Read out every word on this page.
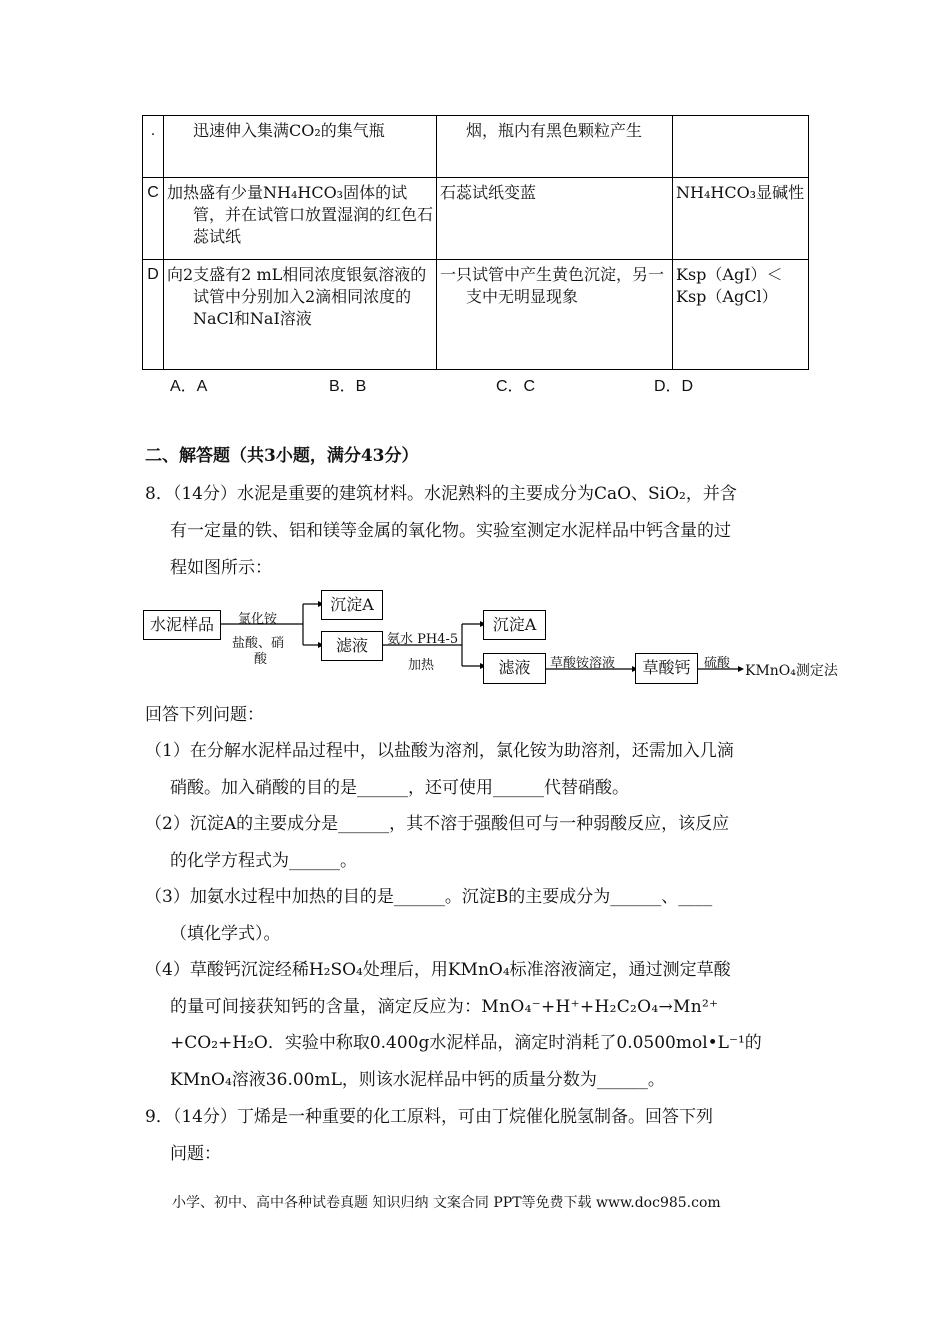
.	迅速伸入集满CO₂的集气瓶	烟，瓶内有黑色颗粒产生	
C	加热盛有少量NH₄HCO₃固体的试管，并在试管口放置湿润的红色石蕊试纸	石蕊试纸变蓝	NH₄HCO₃显碱性
D	向2支盛有2 mL相同浓度银氨溶液的试管中分别加入2滴相同浓度的NaCl和NaI溶液	一只试管中产生黄色沉淀，另一支中无明显现象	Ksp（AgI）＜Ksp（AgCl）
A．A	B．B	C．C	D．D
二、解答题（共3小题，满分43分）
8．（14分）水泥是重要的建筑材料。水泥熟料的主要成分为CaO、SiO₂，并含
有一定量的铁、铝和镁等金属的氧化物。实验室测定水泥样品中钙含量的过
程如图所示：
水泥样品	氯化铵
盐酸、硝
酸
沉淀A
滤液	氨水 PH4-5
加热
沉淀A
滤液	草酸铵溶液	草酸钙	硫酸 KMnO₄测定法
回答下列问题：
（1）在分解水泥样品过程中，以盐酸为溶剂，氯化铵为助溶剂，还需加入几滴
硝酸。加入硝酸的目的是______，还可使用______代替硝酸。
（2）沉淀A的主要成分是______，其不溶于强酸但可与一种弱酸反应，该反应
的化学方程式为______。
（3）加氨水过程中加热的目的是______。沉淀B的主要成分为______、____
（填化学式）。
（4）草酸钙沉淀经稀H₂SO₄处理后，用KMnO₄标准溶液滴定，通过测定草酸
的量可间接获知钙的含量，滴定反应为：MnO₄⁻+H⁺+H₂C₂O₄→Mn²⁺
+CO₂+H₂O．实验中称取0.400g水泥样品，滴定时消耗了0.0500mol•L⁻¹的
KMnO₄溶液36.00mL，则该水泥样品中钙的质量分数为______。
9．（14分）丁烯是一种重要的化工原料，可由丁烷催化脱氢制备。回答下列
问题：
小学、初中、高中各种试卷真题 知识归纳 文案合同 PPT等免费下载 www.doc985.com
